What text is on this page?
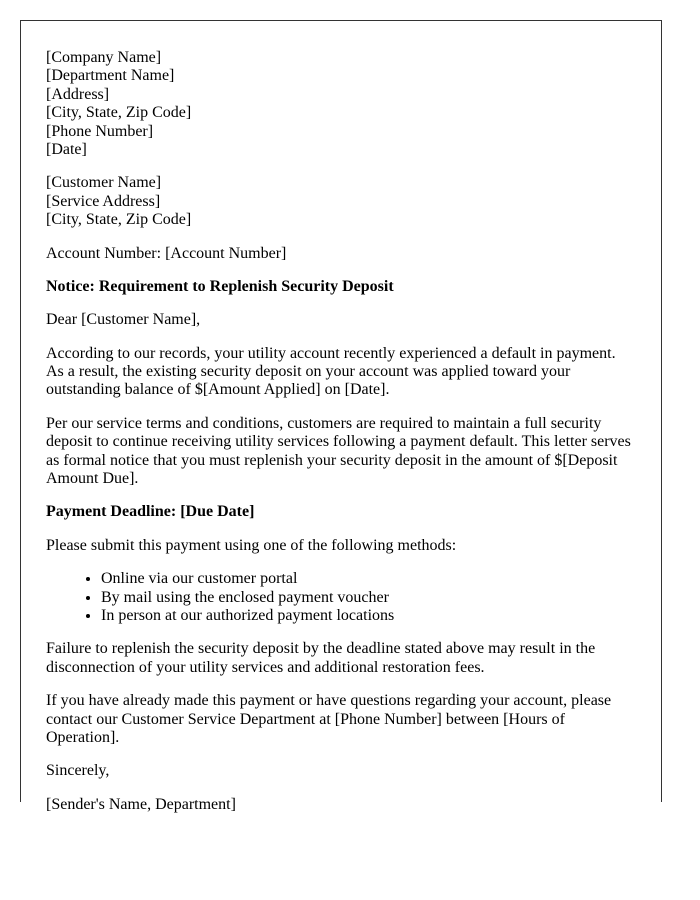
[Company Name]
[Department Name]
[Address]
[City, State, Zip Code]
[Phone Number]
[Date]

[Customer Name]
[Service Address]
[City, State, Zip Code]

Account Number: [Account Number]

Notice: Requirement to Replenish Security Deposit

Dear [Customer Name],

According to our records, your utility account recently experienced a default in payment. As a result, the existing security deposit on your account was applied toward your outstanding balance of $[Amount Applied] on [Date].

Per our service terms and conditions, customers are required to maintain a full security deposit to continue receiving utility services following a payment default. This letter serves as formal notice that you must replenish your security deposit in the amount of $[Deposit Amount Due].

Payment Deadline: [Due Date]

Please submit this payment using one of the following methods:

• Online via our customer portal
• By mail using the enclosed payment voucher
• In person at our authorized payment locations

Failure to replenish the security deposit by the deadline stated above may result in the disconnection of your utility services and additional restoration fees.

If you have already made this payment or have questions regarding your account, please contact our Customer Service Department at [Phone Number] between [Hours of Operation].

Sincerely,

[Sender's Name, Department]
